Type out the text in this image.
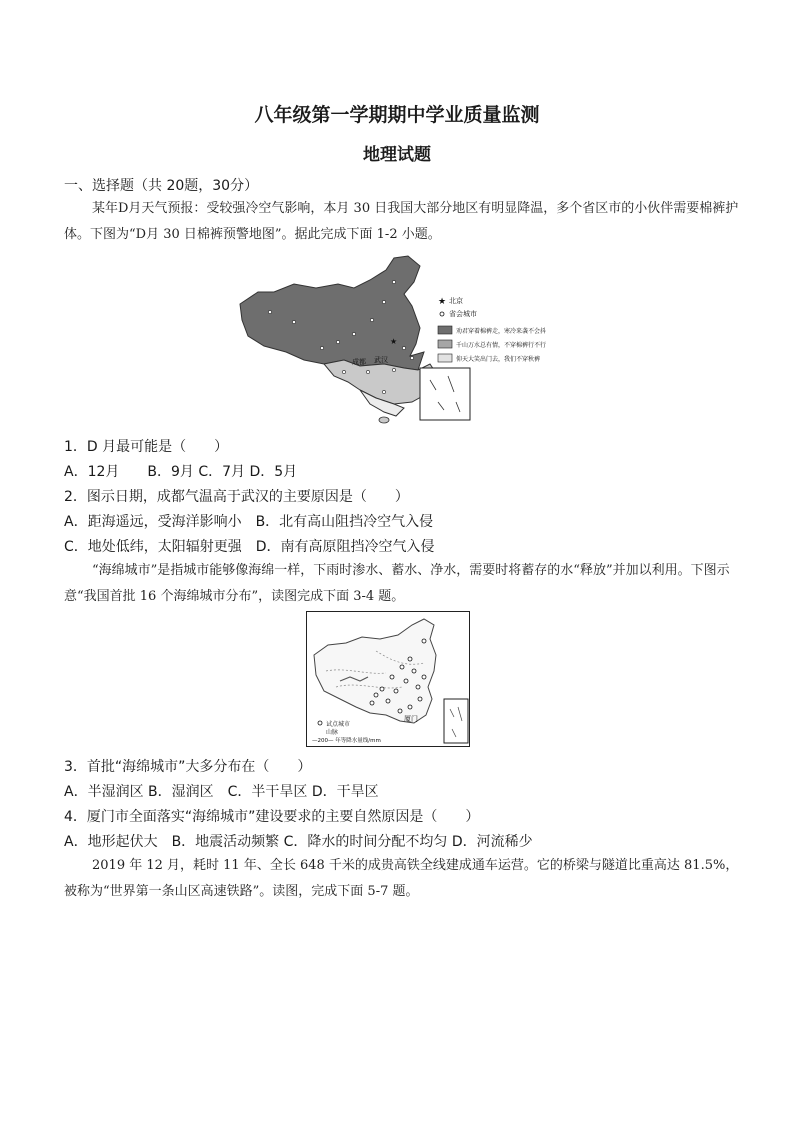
八年级第一学期期中学业质量监测
地理试题
一、选择题（共 20题，30分）
某年D月天气预报：受较强冷空气影响，本月 30 日我国大部分地区有明显降温，多个省区市的小伙伴需要棉裤护体。下图为“D月 30 日棉裤预警地图”。据此完成下面 1-2 小题。
★
成都 武汉
★ 北京
省会城市
劝君穿着棉裤走，寒冷来袭不会抖
千山万水总有情，不穿棉裤行不行
仰天大笑出门去，我们不穿秋裤
1．D 月最可能是（　　）
A．12月　　B．9月 C．7月 D．5月
2．图示日期，成都气温高于武汉的主要原因是（　　）
A．距海遥远，受海洋影响小　B．北有高山阻挡冷空气入侵
C．地处低纬，太阳辐射更强　D．南有高原阻挡冷空气入侵
“海绵城市”是指城市能够像海绵一样，下雨时渗水、蓄水、净水，需要时将蓄存的水“释放”并加以利用。下图示意“我国首批 16 个海绵城市分布”，读图完成下面 3-4 题。
厦门
试点城市
山脉
—200— 年等降水量线/mm
3．首批“海绵城市”大多分布在（　　）
A．半湿润区 B．湿润区　C．半干旱区 D．干旱区
4．厦门市全面落实“海绵城市”建设要求的主要自然原因是（　　）
A．地形起伏大　B．地震活动频繁 C．降水的时间分配不均匀 D．河流稀少
2019 年 12 月，耗时 11 年、全长 648 千米的成贵高铁全线建成通车运营。它的桥梁与隧道比重高达 81.5%，被称为“世界第一条山区高速铁路”。读图，完成下面 5-7 题。
